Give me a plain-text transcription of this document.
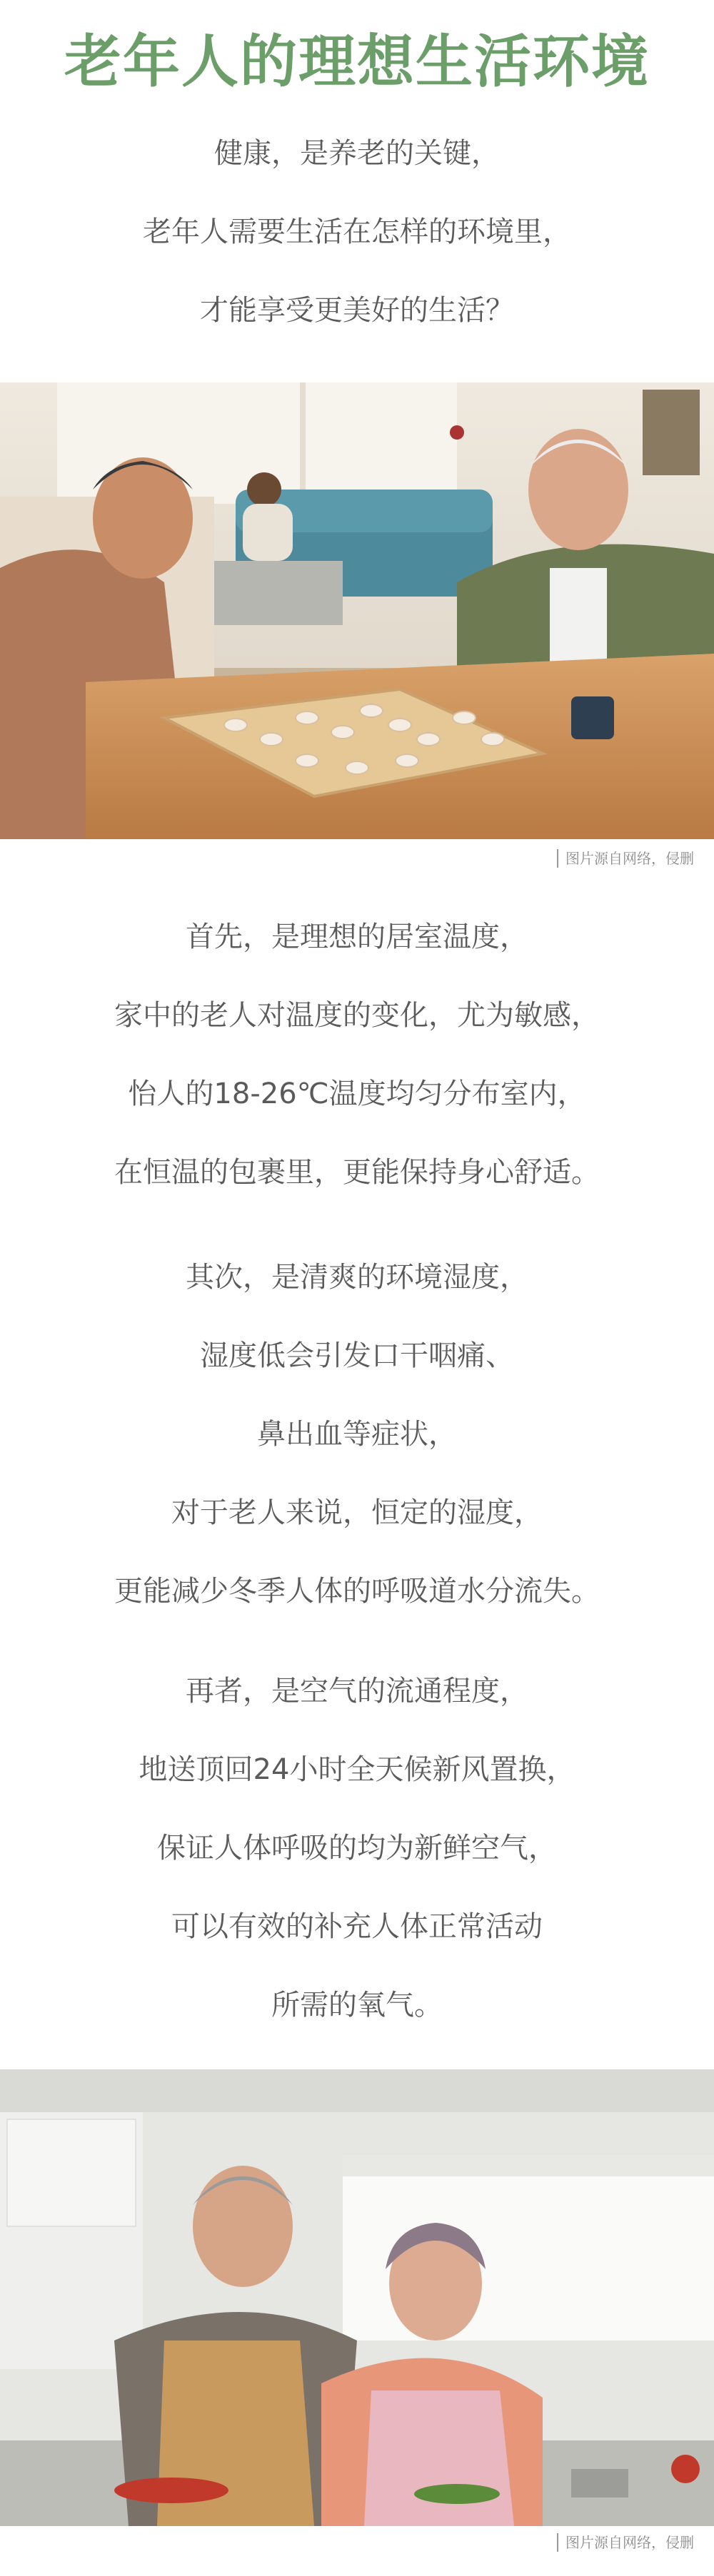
老年人的理想生活环境
健康，是养老的关键，
老年人需要生活在怎样的环境里，
才能享受更美好的生活？
图片源自网络，侵删
首先，是理想的居室温度，
家中的老人对温度的变化，尤为敏感，
怡人的18-26℃温度均匀分布室内，
在恒温的包裹里，更能保持身心舒适。
其次，是清爽的环境湿度，
湿度低会引发口干咽痛、
鼻出血等症状，
对于老人来说，恒定的湿度，
更能减少冬季人体的呼吸道水分流失。
再者，是空气的流通程度，
地送顶回24小时全天候新风置换，
保证人体呼吸的均为新鲜空气，
可以有效的补充人体正常活动
所需的氧气。
图片源自网络，侵删
